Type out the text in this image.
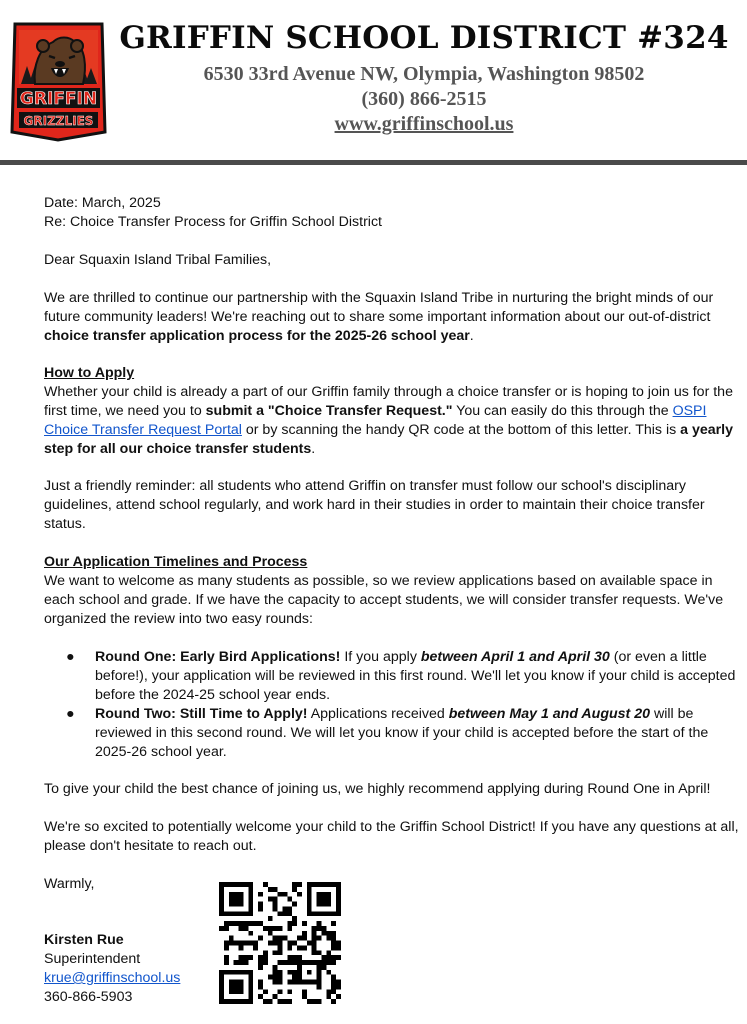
GRIFFIN
GRIZZLIES
GRIFFIN SCHOOL DISTRICT #324
6530 33rd Avenue NW, Olympia, Washington 98502
(360) 866-2515
www.griffinschool.us
Date: March, 2025
Re: Choice Transfer Process for Griffin School District
Dear Squaxin Island Tribal Families,
We are thrilled to continue our partnership with the Squaxin Island Tribe in nurturing the bright minds of our
future community leaders! We're reaching out to share some important information about our out-of-district
choice transfer application process for the 2025-26 school year.
How to Apply
Whether your child is already a part of our Griffin family through a choice transfer or is hoping to join us for the
first time, we need you to submit a "Choice Transfer Request." You can easily do this through the OSPI
Choice Transfer Request Portal or by scanning the handy QR code at the bottom of this letter. This is a yearly
step for all our choice transfer students.
Just a friendly reminder: all students who attend Griffin on transfer must follow our school's disciplinary
guidelines, attend school regularly, and work hard in their studies in order to maintain their choice transfer
status.
Our Application Timelines and Process
We want to welcome as many students as possible, so we review applications based on available space in
each school and grade. If we have the capacity to accept students, we will consider transfer requests. We've
organized the review into two easy rounds:
● Round One: Early Bird Applications! If you apply between April 1 and April 30 (or even a little
before!), your application will be reviewed in this first round. We'll let you know if your child is accepted
before the 2024-25 school year ends.
● Round Two: Still Time to Apply! Applications received between May 1 and August 20 will be
reviewed in this second round. We will let you know if your child is accepted before the start of the
2025-26 school year.
To give your child the best chance of joining us, we highly recommend applying during Round One in April!
We're so excited to potentially welcome your child to the Griffin School District! If you have any questions at all,
please don't hesitate to reach out.
Warmly,
Kirsten Rue
Superintendent
krue@griffinschool.us
360-866-5903
